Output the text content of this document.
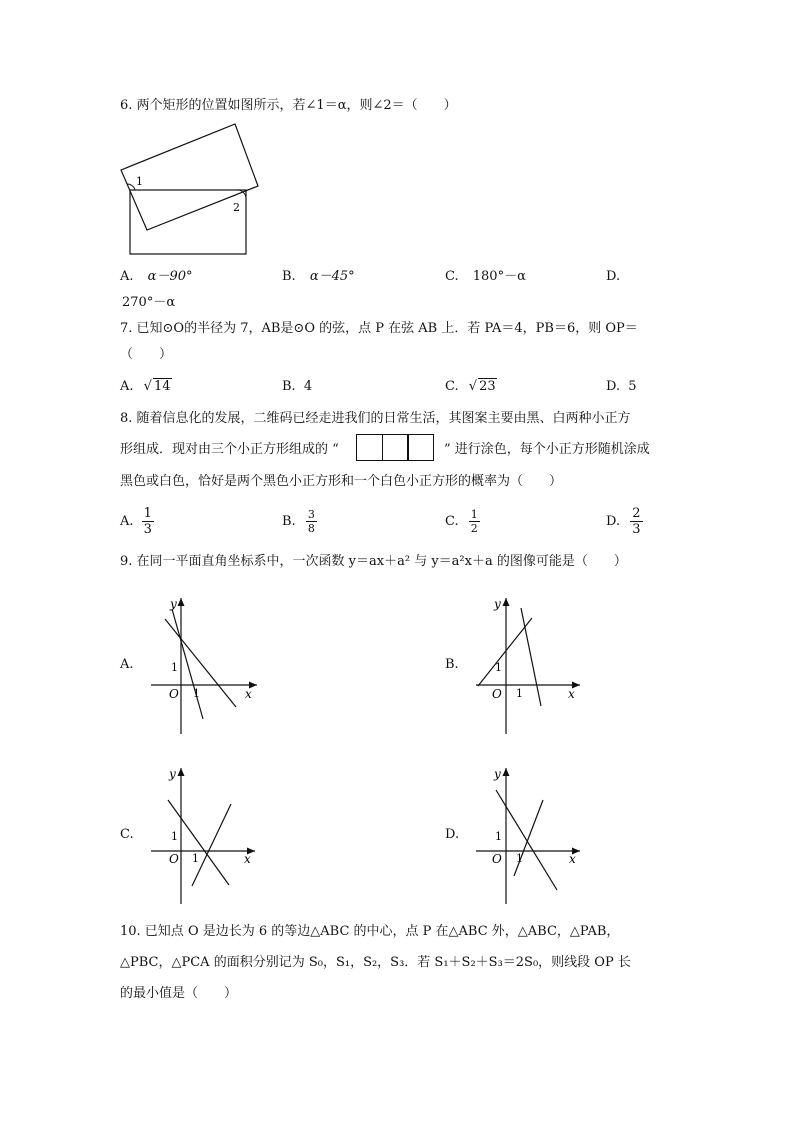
6. 两个矩形的位置如图所示，若∠1＝α，则∠2＝（　　）
1
2
A. α－90°	B. α－45°	C. 180°－α	D.
270°－α
7. 已知⊙O的半径为 7，AB是⊙O 的弦，点 P 在弦 AB 上．若 PA＝4，PB＝6，则 OP＝
（　　）
A. √ 14	B. 4	C. √ 23	D. 5
8. 随着信息化的发展，二维码已经走进我们的日常生活，其图案主要由黑、白两种小正方
形组成．现对由三个小正方形组成的 “	” 进行涂色，每个小正方形随机涂成
黑色或白色，恰好是两个黑色小正方形和一个白色小正方形的概率为（　　）
A. $\frac{1}{3}$	B. $\frac{3}{8}$	C. $\frac{1}{2}$	D. $\frac{2}{3}$
9. 在同一平面直角坐标系中，一次函数 y＝ax＋a² 与 y＝a²x＋a 的图像可能是（　　）
A.
x
y
O
1
1
B.
x
y
O
1
1
C.
x
y
O
1
1
D.
x
y
O
1
1
10. 已知点 O 是边长为 6 的等边△ABC 的中心，点 P 在△ABC 外，△ABC，△PAB，
△PBC，△PCA 的面积分别记为 S₀，S₁，S₂，S₃．若 S₁＋S₂＋S₃＝2S₀，则线段 OP 长
的最小值是（　　）
